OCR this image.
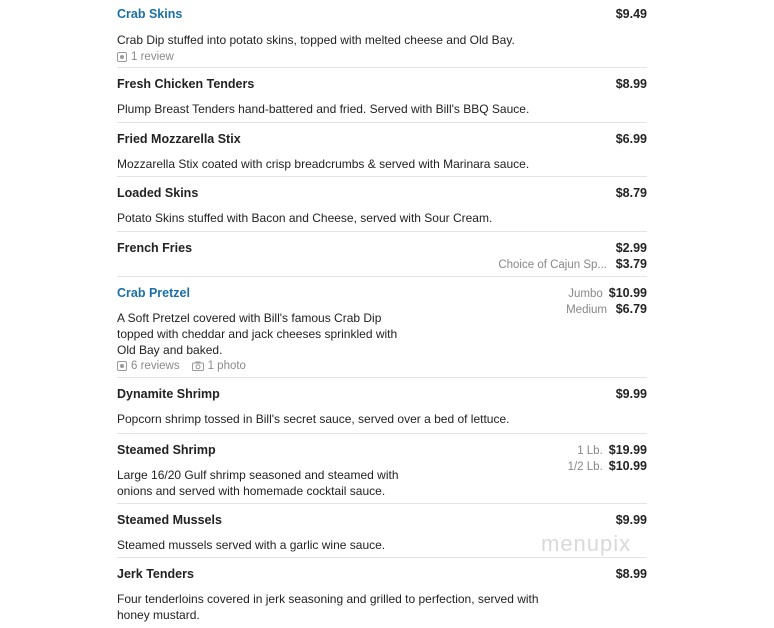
Crab Skins
Crab Dip stuffed into potato skins, topped with melted cheese and Old Bay.
1 review
$9.49
Fresh Chicken Tenders
Plump Breast Tenders hand-battered and fried. Served with Bill's BBQ Sauce.
$8.99
Fried Mozzarella Stix
Mozzarella Stix coated with crisp breadcrumbs & served with Marinara sauce.
$6.99
Loaded Skins
Potato Skins stuffed with Bacon and Cheese, served with Sour Cream.
$8.79
French Fries	$2.99
Choice of Cajun Sp... $3.79
Crab Pretzel
A Soft Pretzel covered with Bill's famous Crab Dip topped with cheddar and jack cheeses sprinkled with Old Bay and baked.
6 reviews 1 photo
Jumbo $10.99
Medium $6.79
Dynamite Shrimp
Popcorn shrimp tossed in Bill's secret sauce, served over a bed of lettuce.
$9.99
Steamed Shrimp
Large 16/20 Gulf shrimp seasoned and steamed with onions and served with homemade cocktail sauce.
1 Lb. $19.99
1/2 Lb. $10.99
Steamed Mussels
Steamed mussels served with a garlic wine sauce.
$9.99
Jerk Tenders
Four tenderloins covered in jerk seasoning and grilled to perfection, served with honey mustard.
$8.99
menupix
